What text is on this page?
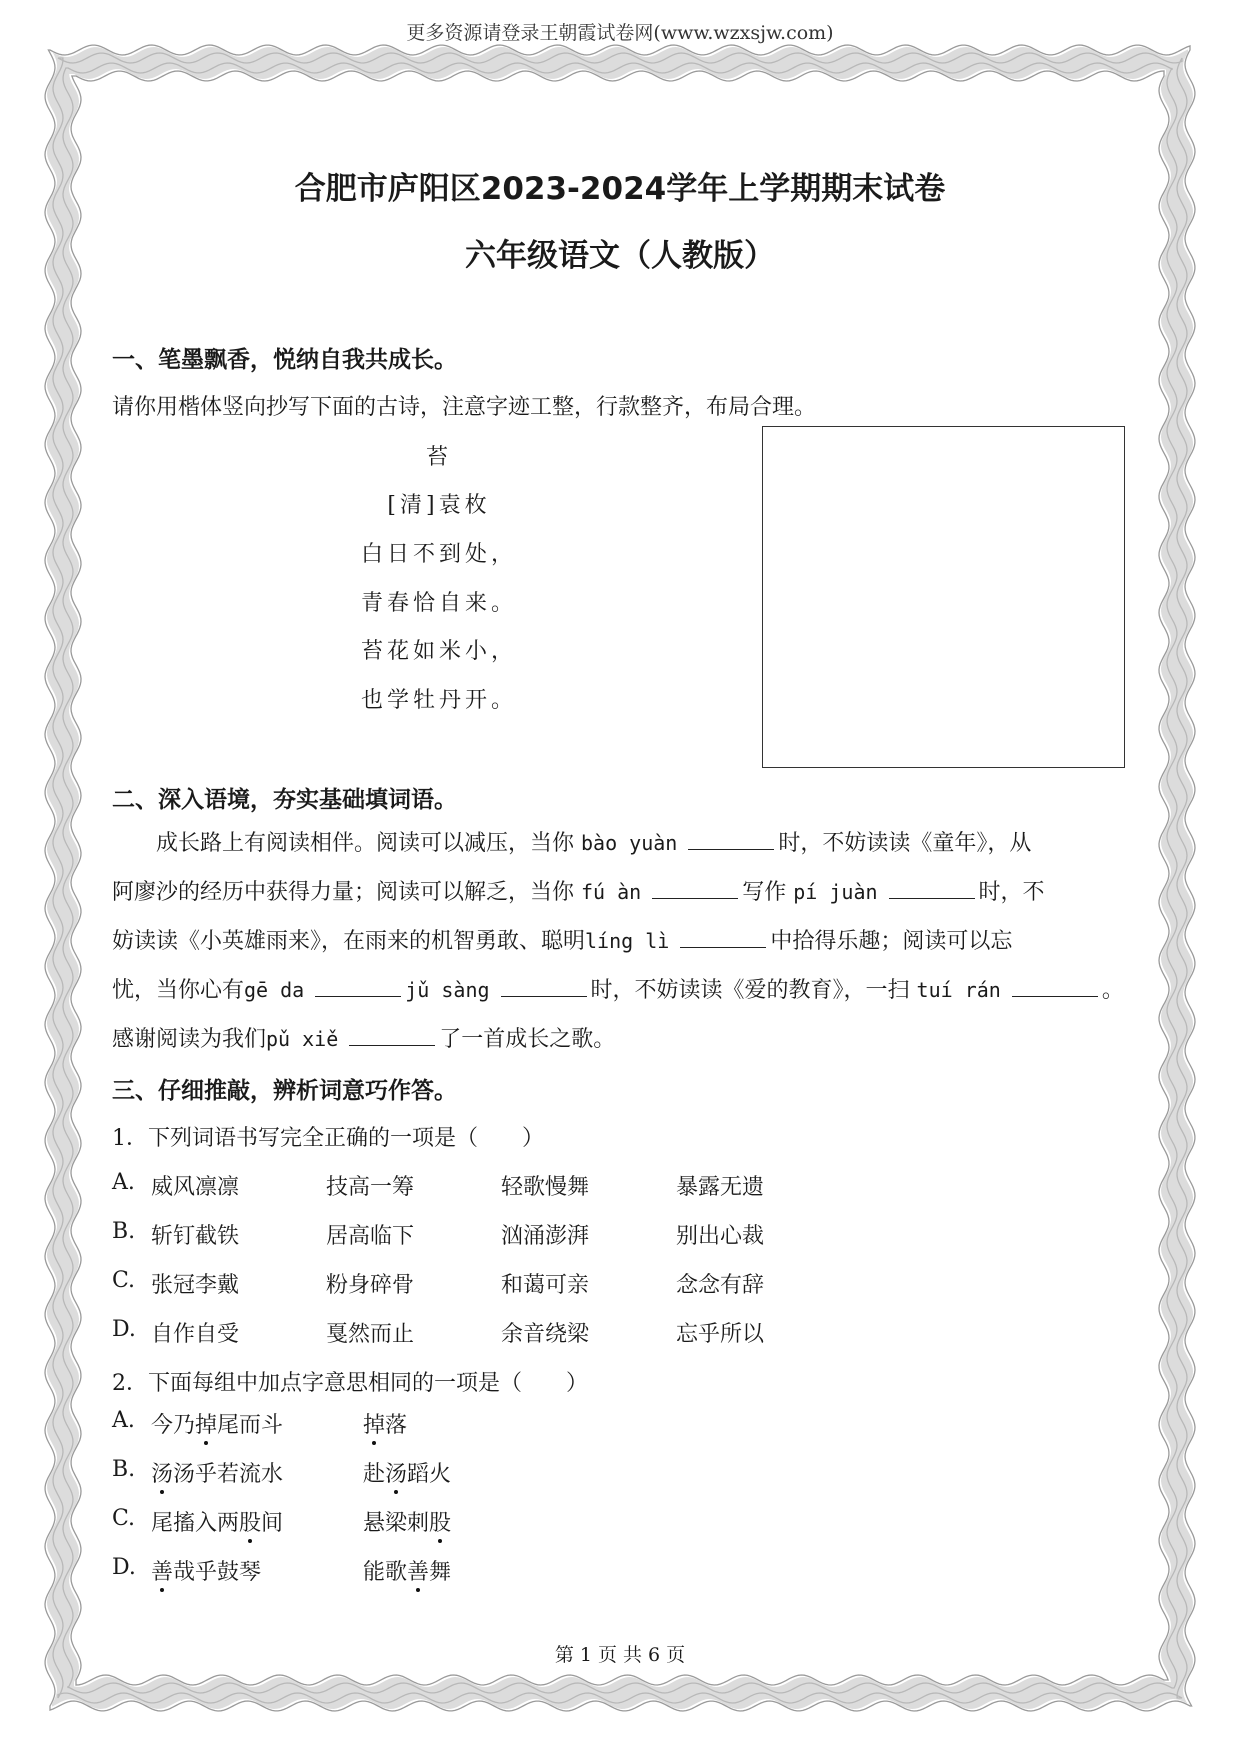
更多资源请登录王朝霞试卷网(www.wzxsjw.com)
合肥市庐阳区2023-2024学年上学期期末试卷
六年级语文（人教版）
一、笔墨飘香，悦纳自我共成长。
请你用楷体竖向抄写下面的古诗，注意字迹工整，行款整齐，布局合理。
苔
[清]袁枚
白日不到处，
青春恰自来。
苔花如米小，
也学牡丹开。
二、深入语境，夯实基础填词语。

成长路上有阅读相伴。阅读可以减压，当你 bào yuàn	时，不妨读读《童年》，从

阿廖沙的经历中获得力量；阅读可以解乏，当你 fú àn	写作 pí juàn	时，不

妨读读《小英雄雨来》，在雨来的机智勇敢、聪明líng lì	中拾得乐趣；阅读可以忘

忧，当你心有gē da	jǔ sàng	时，不妨读读《爱的教育》，一扫 tuí rán	。

感谢阅读为我们pǔ xiě	了一首成长之歌。

三、仔细推敲，辨析词意巧作答。
1．下列词语书写完全正确的一项是（　　）
A. 威风凛凛	技高一筹	轻歌慢舞	暴露无遗
B. 斩钉截铁	居高临下	汹涌澎湃	别出心裁
C. 张冠李戴	粉身碎骨	和蔼可亲	念念有辞
D. 自作自受	戛然而止	余音绕梁	忘乎所以
2．下面每组中加点字意思相同的一项是（　　）
A. 今乃掉尾而斗	掉落
B. 汤汤乎若流水	赴汤蹈火
C. 尾搐入两股间	悬梁刺股
D. 善哉乎鼓琴	能歌善舞
第 1 页 共 6 页
